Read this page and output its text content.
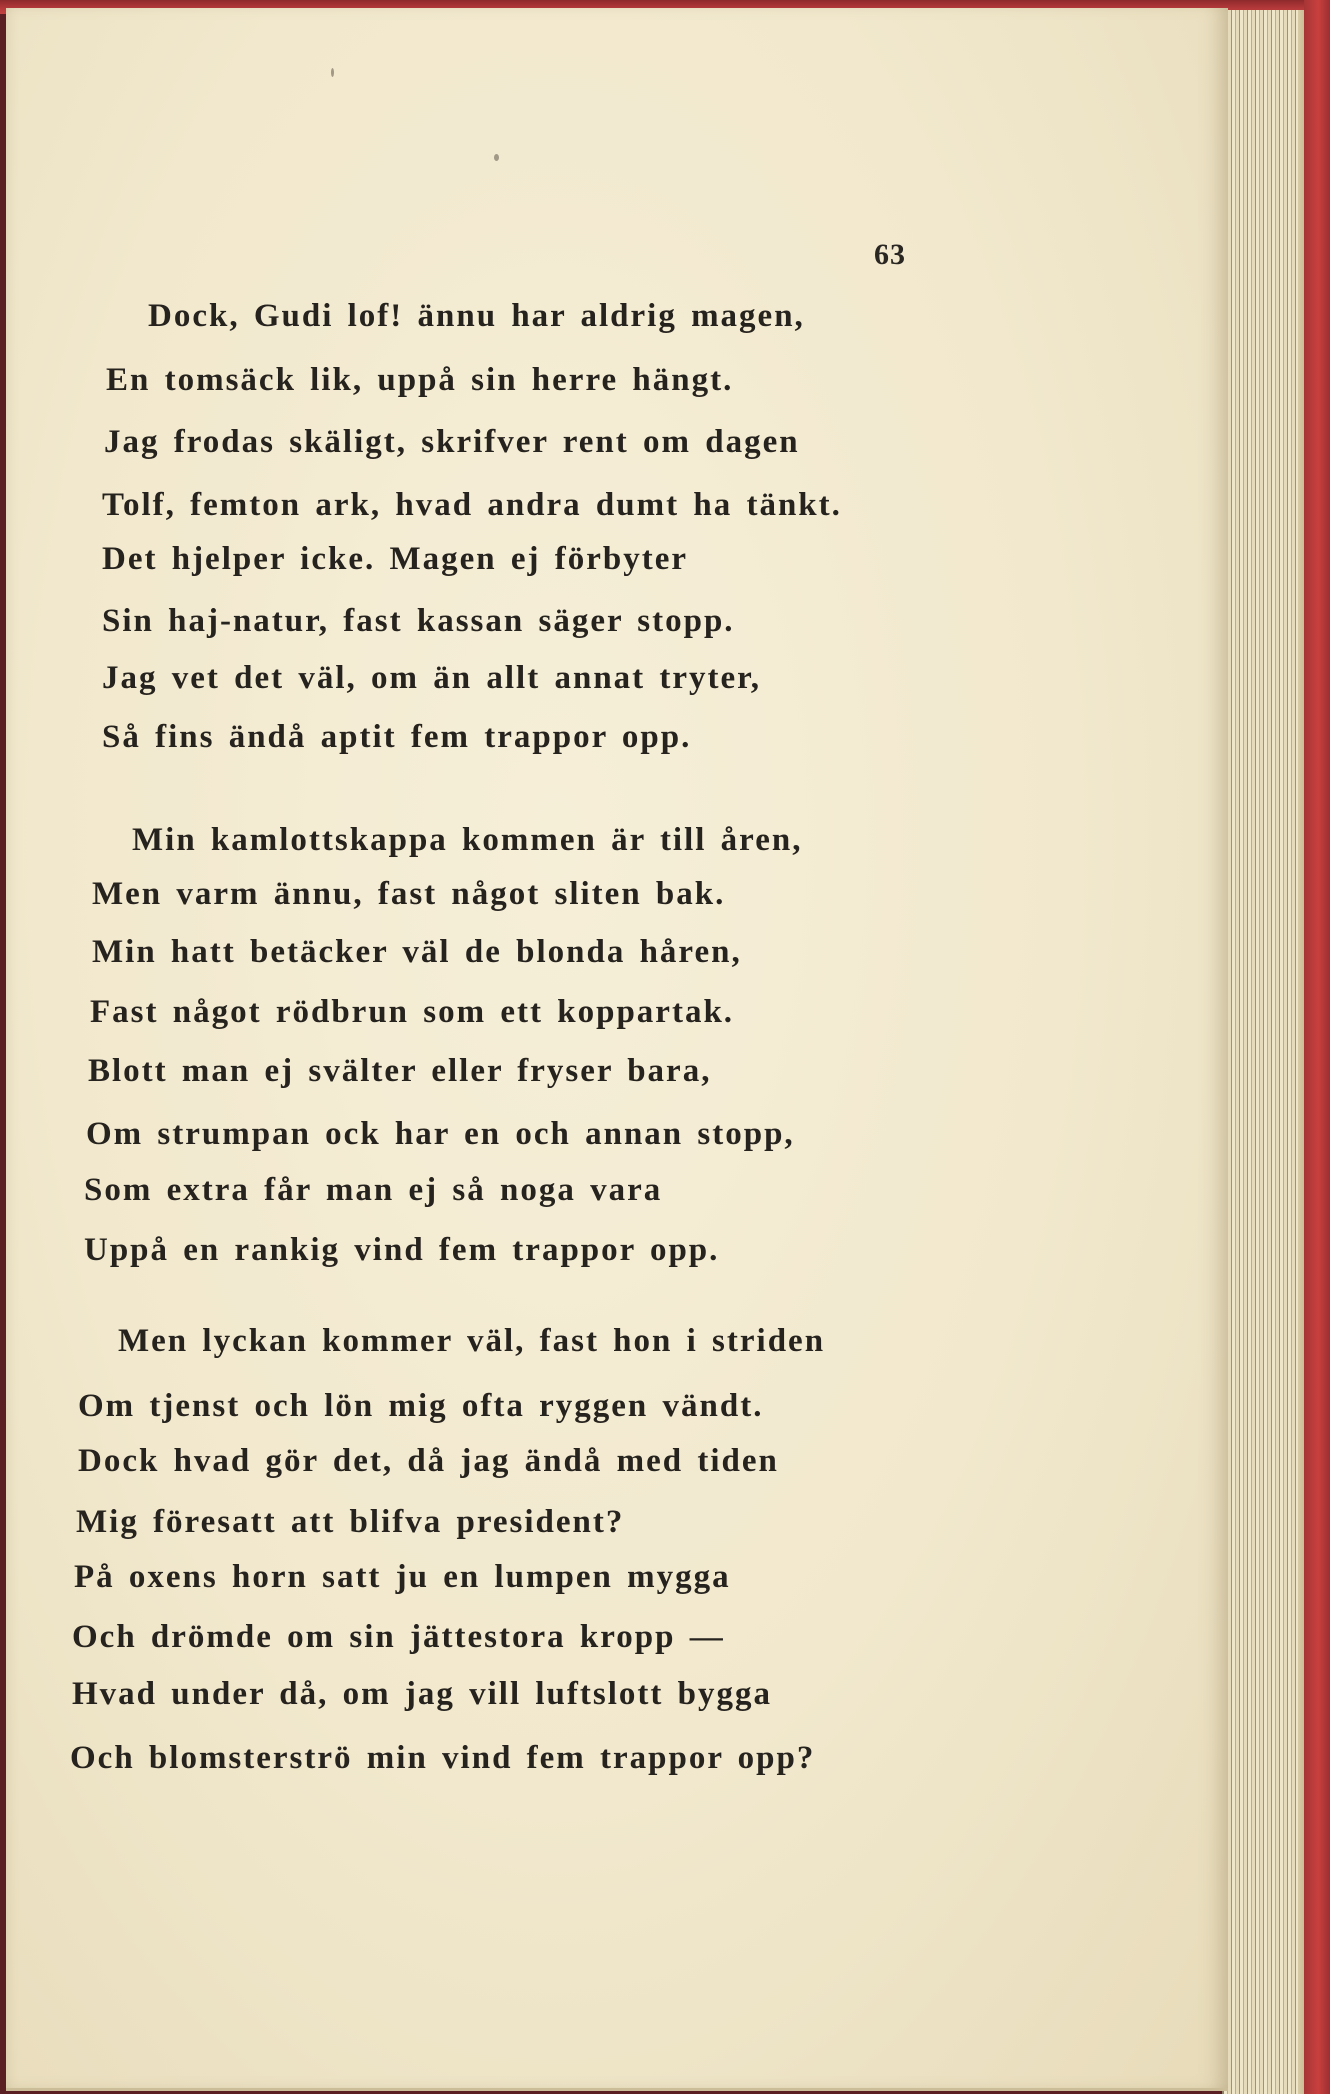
63

Dock, Gudi lof! ännu har aldrig magen,

En tomsäck lik, uppå sin herre hängt.

Jag frodas skäligt, skrifver rent om dagen

Tolf, femton ark, hvad andra dumt ha tänkt.

Det hjelper icke. Magen ej förbyter

Sin haj-natur, fast kassan säger stopp.

Jag vet det väl, om än allt annat tryter,

Så fins ändå aptit fem trappor opp.

Min kamlottskappa kommen är till åren,

Men varm ännu, fast något sliten bak.

Min hatt betäcker väl de blonda håren,

Fast något rödbrun som ett koppartak.

Blott man ej svälter eller fryser bara,

Om strumpan ock har en och annan stopp,

Som extra får man ej så noga vara

Uppå en rankig vind fem trappor opp.

Men lyckan kommer väl, fast hon i striden

Om tjenst och lön mig ofta ryggen vändt.

Dock hvad gör det, då jag ändå med tiden

Mig föresatt att blifva president?

På oxens horn satt ju en lumpen mygga

Och drömde om sin jättestora kropp —

Hvad under då, om jag vill luftslott bygga

Och blomsterströ min vind fem trappor opp?
